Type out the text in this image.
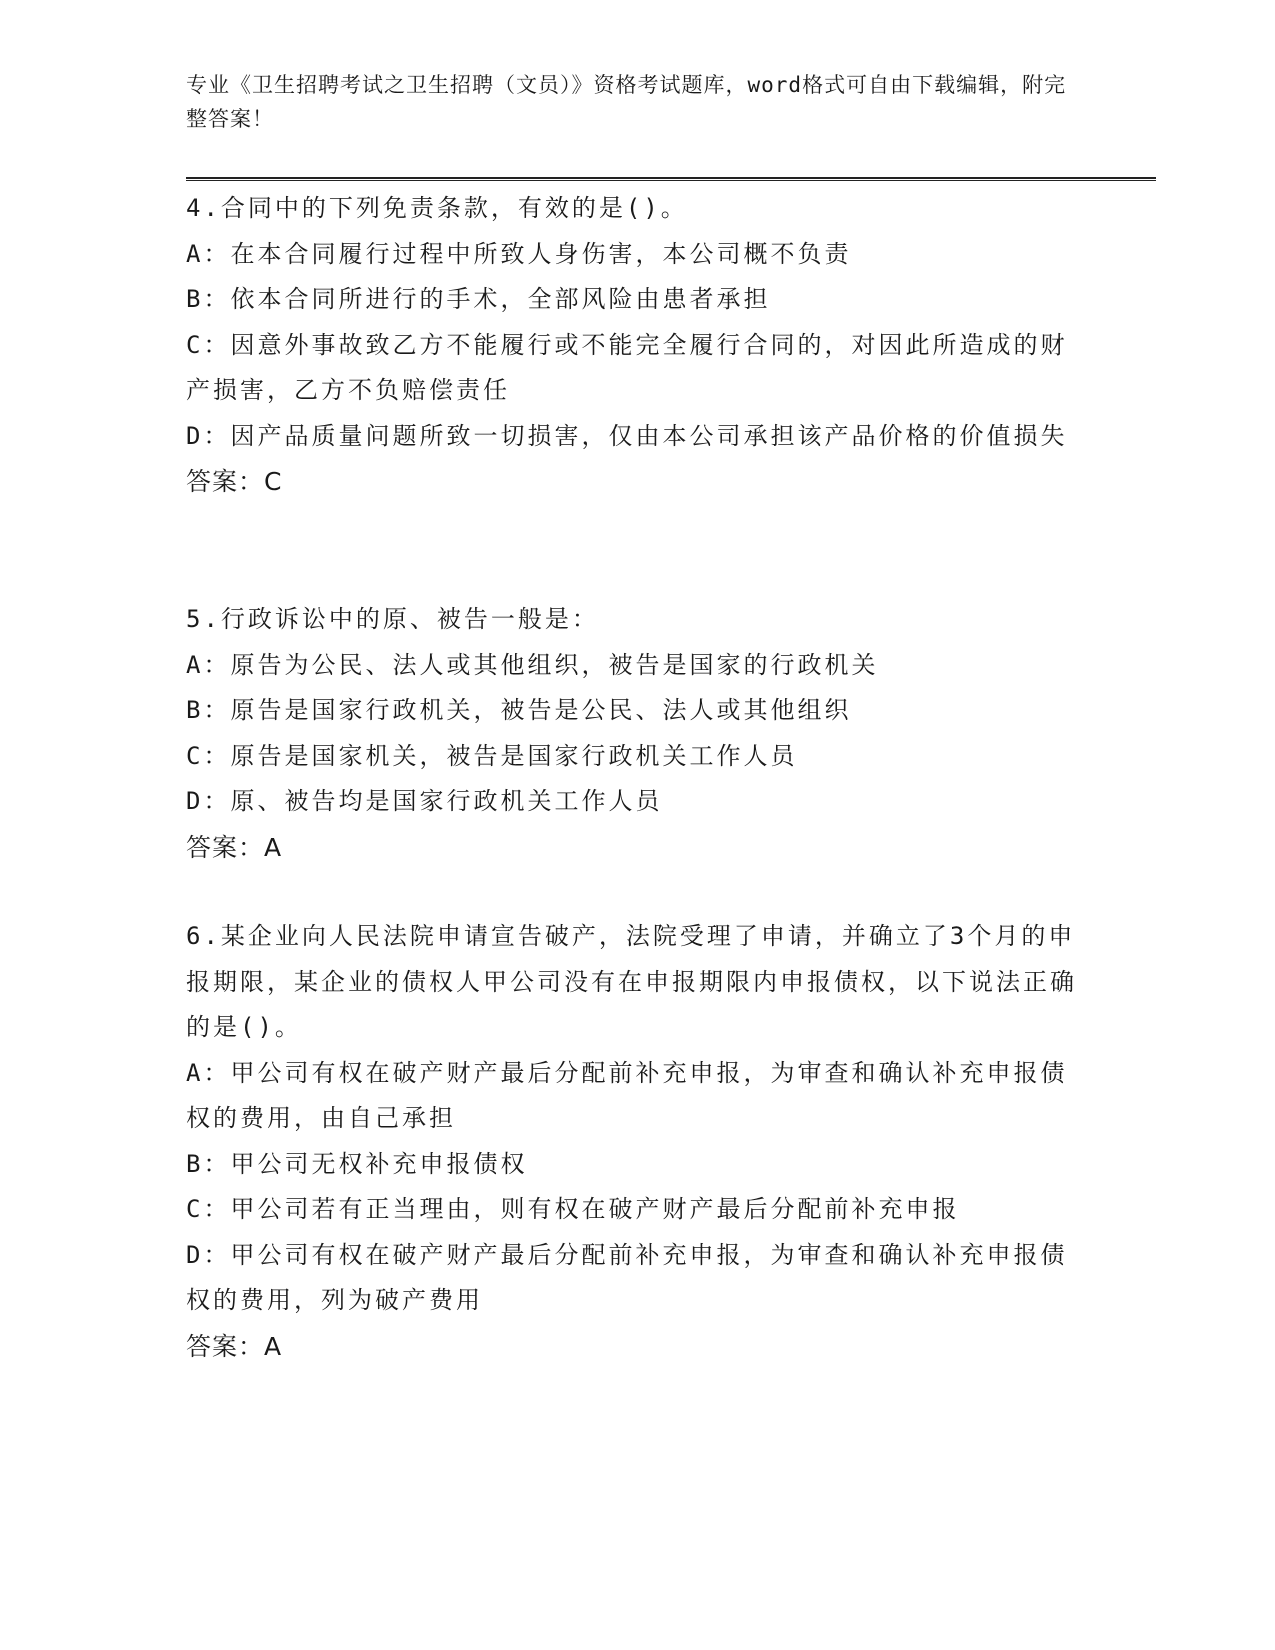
专业《卫生招聘考试之卫生招聘（文员）》资格考试题库，word格式可自由下载编辑，附完整答案！
4.合同中的下列免责条款，有效的是()。
A：在本合同履行过程中所致人身伤害，本公司概不负责
B：依本合同所进行的手术，全部风险由患者承担
C：因意外事故致乙方不能履行或不能完全履行合同的，对因此所造成的财产损害，乙方不负赔偿责任
D：因产品质量问题所致一切损害，仅由本公司承担该产品价格的价值损失
答案：C
5.行政诉讼中的原、被告一般是：
A：原告为公民、法人或其他组织，被告是国家的行政机关
B：原告是国家行政机关，被告是公民、法人或其他组织
C：原告是国家机关，被告是国家行政机关工作人员
D：原、被告均是国家行政机关工作人员
答案：A
6.某企业向人民法院申请宣告破产，法院受理了申请，并确立了3个月的申报期限，某企业的债权人甲公司没有在申报期限内申报债权，以下说法正确的是()。
A：甲公司有权在破产财产最后分配前补充申报，为审查和确认补充申报债权的费用，由自己承担
B：甲公司无权补充申报债权
C：甲公司若有正当理由，则有权在破产财产最后分配前补充申报
D：甲公司有权在破产财产最后分配前补充申报，为审查和确认补充申报债权的费用，列为破产费用
答案：A
